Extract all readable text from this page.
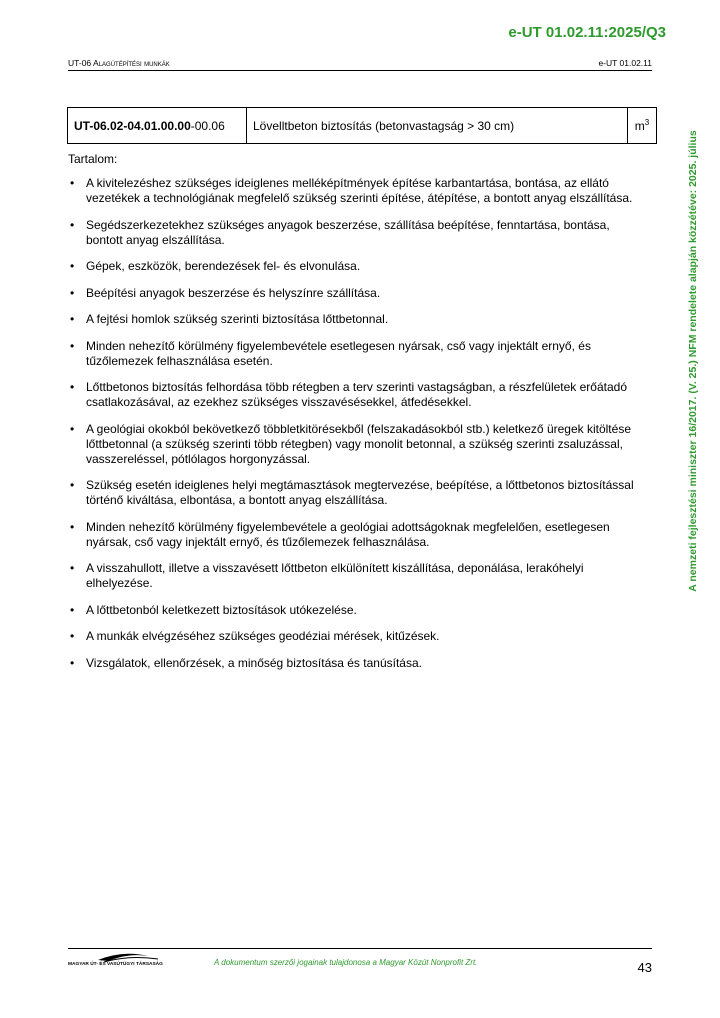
e-UT 01.02.11:2025/Q3
UT-06 Alagútépítési munkák	e-UT 01.02.11
A nemzeti fejlesztési miniszter 16/2017. (V. 25.) NFM rendelete alapján közzétéve: 2025. július
UT-06.02-04.01.00.00-00.06	Lövelltbeton biztosítás (betonvastagság > 30 cm)	$m^3$
Tartalom:
• A kivitelezéshez szükséges ideiglenes melléképítmények építése karbantartása, bontása, az ellátó vezetékek a technológiának megfelelő szükség szerinti építése, átépítése, a bontott anyag elszállítása.
• Segédszerkezetekhez szükséges anyagok beszerzése, szállítása beépítése, fenntartása, bontása, bontott anyag elszállítása.
• Gépek, eszközök, berendezések fel- és elvonulása.
• Beépítési anyagok beszerzése és helyszínre szállítása.
• A fejtési homlok szükség szerinti biztosítása lőttbetonnal.
• Minden nehezítő körülmény figyelembevétele esetlegesen nyársak, cső vagy injektált ernyő, és tűzőlemezek felhasználása esetén.
• Lőttbetonos biztosítás felhordása több rétegben a terv szerinti vastagságban, a részfelületek erőátadó csatlakozásával, az ezekhez szükséges visszavésésekkel, átfedésekkel.
• A geológiai okokból bekövetkező többletkitörésekből (felszakadásokból stb.) keletkező üregek kitöltése lőttbetonnal (a szükség szerinti több rétegben) vagy monolit betonnal, a szükség szerinti zsaluzással, vasszereléssel, pótlólagos horgonyzással.
• Szükség esetén ideiglenes helyi megtámasztások megtervezése, beépítése, a lőttbetonos biztosítással történő kiváltása, elbontása, a bontott anyag elszállítása.
• Minden nehezítő körülmény figyelembevétele a geológiai adottságoknak megfelelően, esetlegesen nyársak, cső vagy injektált ernyő, és tűzőlemezek felhasználása.
• A visszahullott, illetve a visszavésett lőttbeton elkülönített kiszállítása, deponálása, lerakóhelyi elhelyezése.
• A lőttbetonból keletkezett biztosítások utókezelése.
• A munkák elvégzéséhez szükséges geodéziai mérések, kitűzések.
• Vizsgálatok, ellenőrzések, a minőség biztosítása és tanúsítása.
MAGYAR ÚT- ÉS VASÚTÜGYI TÁRSASÁG	A dokumentum szerzői jogainak tulajdonosa a Magyar Közút Nonprofit Zrt.	43
